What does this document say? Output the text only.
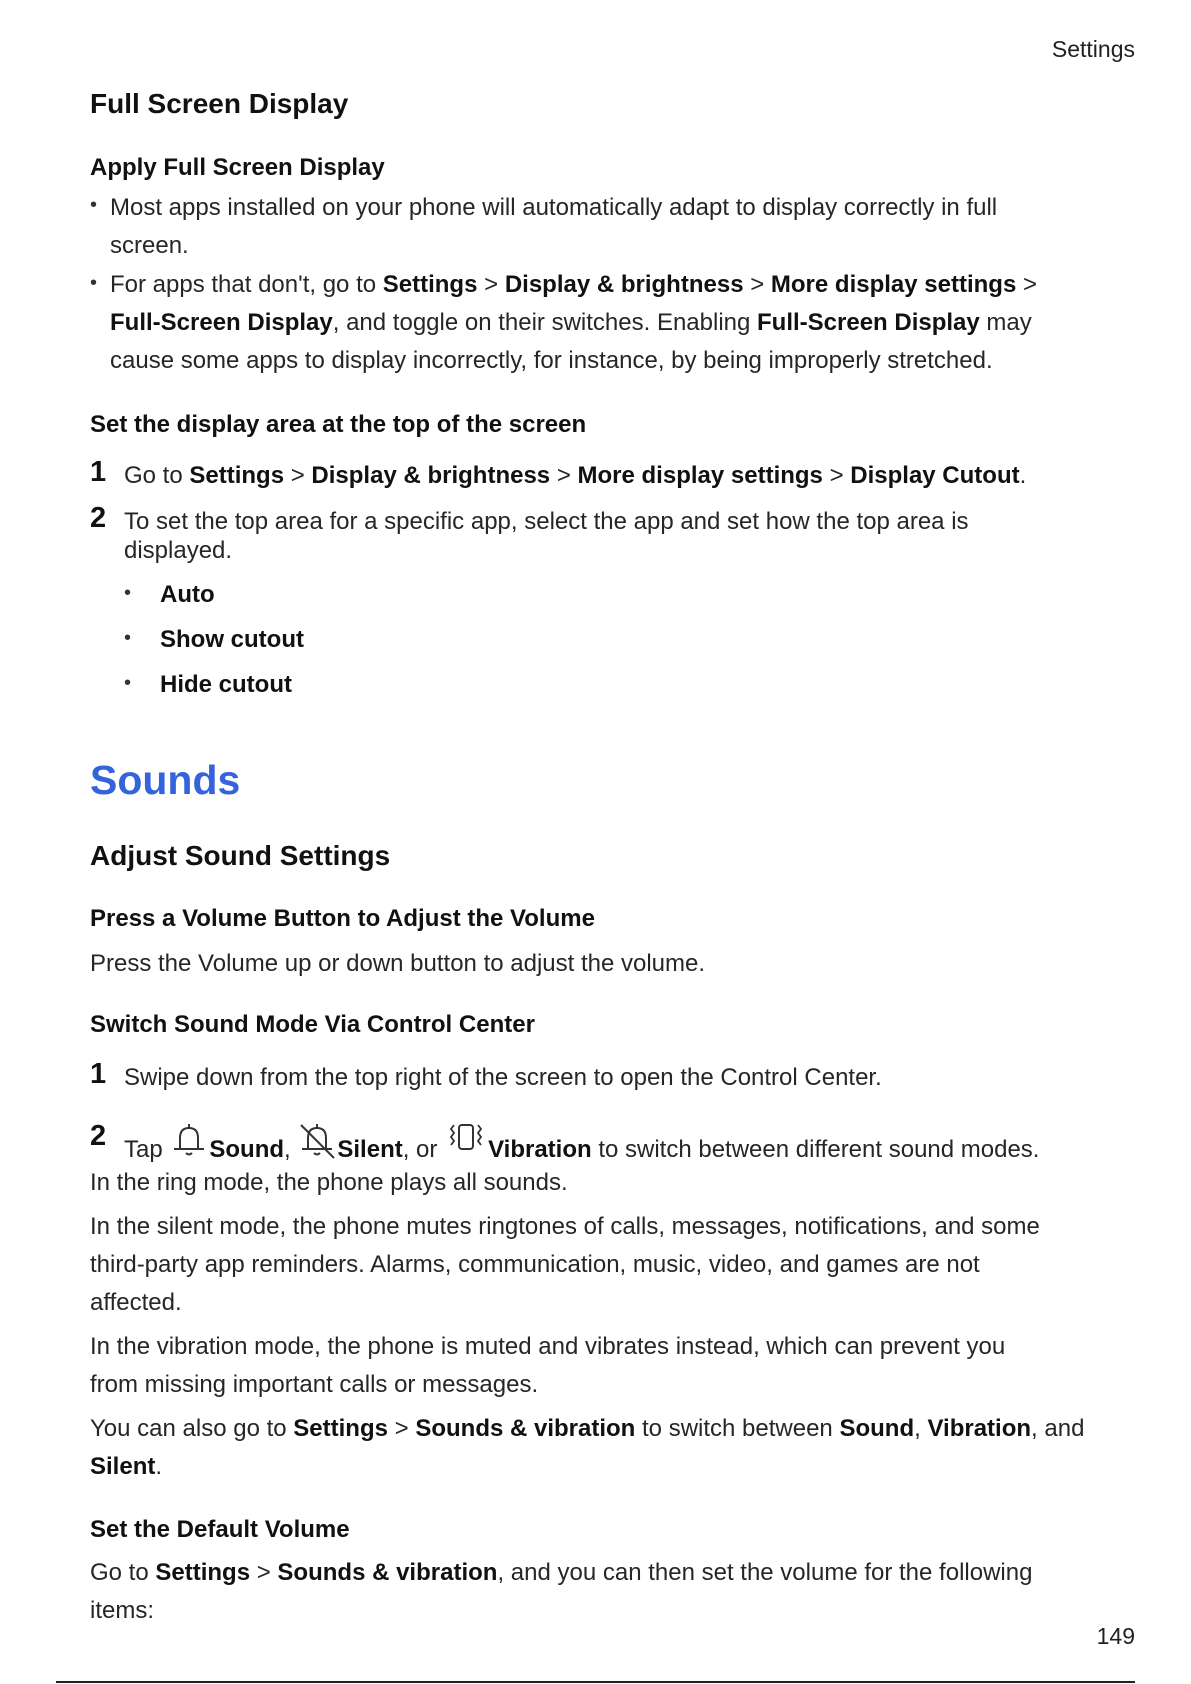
Settings
Full Screen Display
Apply Full Screen Display
• Most apps installed on your phone will automatically adapt to display correctly in full
screen.
• For apps that don't, go to Settings > Display & brightness > More display settings >
Full-Screen Display, and toggle on their switches. Enabling Full-Screen Display may
cause some apps to display incorrectly, for instance, by being improperly stretched.
Set the display area at the top of the screen
1 Go to Settings > Display & brightness > More display settings > Display Cutout.
2 To set the top area for a specific app, select the app and set how the top area is
displayed.
• Auto
• Show cutout
• Hide cutout
Sounds
Adjust Sound Settings
Press a Volume Button to Adjust the Volume
Press the Volume up or down button to adjust the volume.
Switch Sound Mode Via Control Center
1 Swipe down from the top right of the screen to open the Control Center.
2 Tap Sound, Silent, or Vibration to switch between different sound modes.
In the ring mode, the phone plays all sounds.
In the silent mode, the phone mutes ringtones of calls, messages, notifications, and some
third-party app reminders. Alarms, communication, music, video, and games are not
affected.
In the vibration mode, the phone is muted and vibrates instead, which can prevent you
from missing important calls or messages.
You can also go to Settings > Sounds & vibration to switch between Sound, Vibration, and
Silent.
Set the Default Volume
Go to Settings > Sounds & vibration, and you can then set the volume for the following
items:
149
